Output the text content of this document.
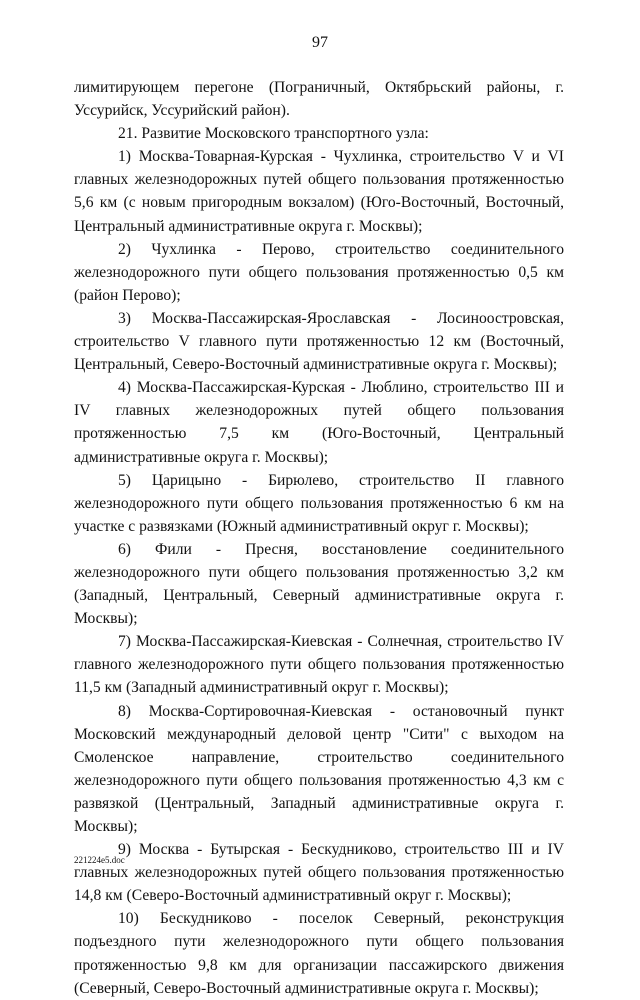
97

лимитирующем перегоне (Пограничный, Октябрьский районы, г. Уссурийск, Уссурийский район).

21. Развитие Московского транспортного узла:

1) Москва-Товарная-Курская - Чухлинка, строительство V и VI главных железнодорожных путей общего пользования протяженностью 5,6 км (с новым пригородным вокзалом) (Юго-Восточный, Восточный, Центральный административные округа г. Москвы);

2) Чухлинка - Перово, строительство соединительного железнодорожного пути общего пользования протяженностью 0,5 км (район Перово);

3) Москва-Пассажирская-Ярославская - Лосиноостровская, строительство V главного пути протяженностью 12 км (Восточный, Центральный, Северо-Восточный административные округа г. Москвы);

4) Москва-Пассажирская-Курская - Люблино, строительство III и IV главных железнодорожных путей общего пользования протяженностью 7,5 км (Юго-Восточный, Центральный административные округа г. Москвы);

5) Царицыно - Бирюлево, строительство II главного железнодорожного пути общего пользования протяженностью 6 км на участке с развязками (Южный административный округ г. Москвы);

6) Фили - Пресня, восстановление соединительного железнодорожного пути общего пользования протяженностью 3,2 км (Западный, Центральный, Северный административные округа г. Москвы);

7) Москва-Пассажирская-Киевская - Солнечная, строительство IV главного железнодорожного пути общего пользования протяженностью 11,5 км (Западный административный округ г. Москвы);

8) Москва-Сортировочная-Киевская - остановочный пункт Московский международный деловой центр "Сити" с выходом на Смоленское направление, строительство соединительного железнодорожного пути общего пользования протяженностью 4,3 км с развязкой (Центральный, Западный административные округа г. Москвы);

9) Москва - Бутырская - Бескудниково, строительство III и IV главных железнодорожных путей общего пользования протяженностью 14,8 км (Северо-Восточный административный округ г. Москвы);

10) Бескудниково - поселок Северный, реконструкция подъездного пути железнодорожного пути общего пользования протяженностью 9,8 км для организации пассажирского движения (Северный, Северо-Восточный административные округа г. Москвы);

221224e5.doc
